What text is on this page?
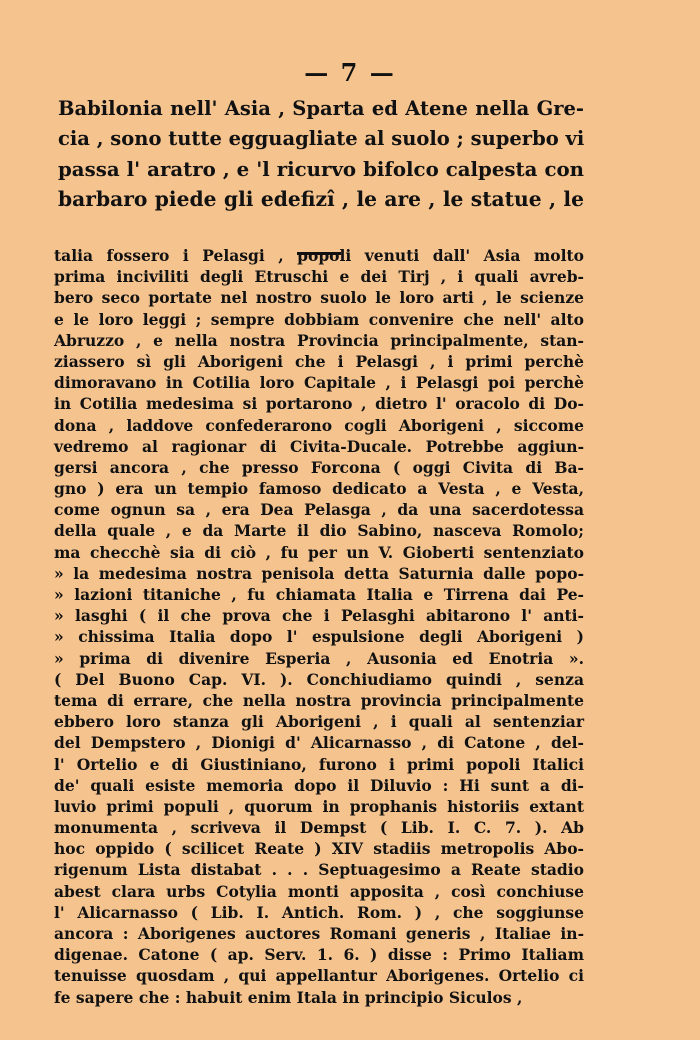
— 7 —
Babilonia nell' Asia , Sparta ed Atene nella Gre-
cia , sono tutte egguagliate al suolo ; superbo vi
passa l' aratro , e 'l ricurvo bifolco calpesta con
barbaro piede gli edefizî , le are , le statue , le
talia fossero i Pelasgi , popoli venuti dall' Asia molto
prima inciviliti degli Etruschi e dei Tirj , i quali avreb-
bero seco portate nel nostro suolo le loro arti , le scienze
e le loro leggi ; sempre dobbiam convenire che nell' alto
Abruzzo , e nella nostra Provincia principalmente, stan-
ziassero sì gli Aborigeni che i Pelasgi , i primi perchè
dimoravano in Cotilia loro Capitale , i Pelasgi poi perchè
in Cotilia medesima si portarono , dietro l' oracolo di Do-
dona , laddove confederarono cogli Aborigeni , siccome
vedremo al ragionar di Civita-Ducale. Potrebbe aggiun-
gersi ancora , che presso Forcona ( oggi Civita di Ba-
gno ) era un tempio famoso dedicato a Vesta , e Vesta,
come ognun sa , era Dea Pelasga , da una sacerdotessa
della quale , e da Marte il dio Sabino, nasceva Romolo;
ma checchè sia di ciò , fu per un V. Gioberti sentenziato
» la medesima nostra penisola detta Saturnia dalle popo-
» lazioni titaniche , fu chiamata Italia e Tirrena dai Pe-
» lasghi ( il che prova che i Pelasghi abitarono l' anti-
» chissima Italia dopo l' espulsione degli Aborigeni )
» prima di divenire Esperia , Ausonia ed Enotria ».
( Del Buono Cap. VI. ). Conchiudiamo quindi , senza
tema di errare, che nella nostra provincia principalmente
ebbero loro stanza gli Aborigeni , i quali al sentenziar
del Dempstero , Dionigi d' Alicarnasso , di Catone , del-
l' Ortelio e di Giustiniano, furono i primi popoli Italici
de' quali esiste memoria dopo il Diluvio : Hi sunt a di-
luvio primi populi , quorum in prophanis historiis extant
monumenta , scriveva il Dempst ( Lib. I. C. 7. ). Ab
hoc oppido ( scilicet Reate ) XIV stadiis metropolis Abo-
rigenum Lista distabat . . . Septuagesimo a Reate stadio
abest clara urbs Cotylia monti apposita , così conchiuse
l' Alicarnasso ( Lib. I. Antich. Rom. ) , che soggiunse
ancora : Aborigenes auctores Romani generis , Italiae in-
digenae. Catone ( ap. Serv. 1. 6. ) disse : Primo Italiam
tenuisse quosdam , qui appellantur Aborigenes. Ortelio ci
fe sapere che : habuit enim Itala in principio Siculos ,
